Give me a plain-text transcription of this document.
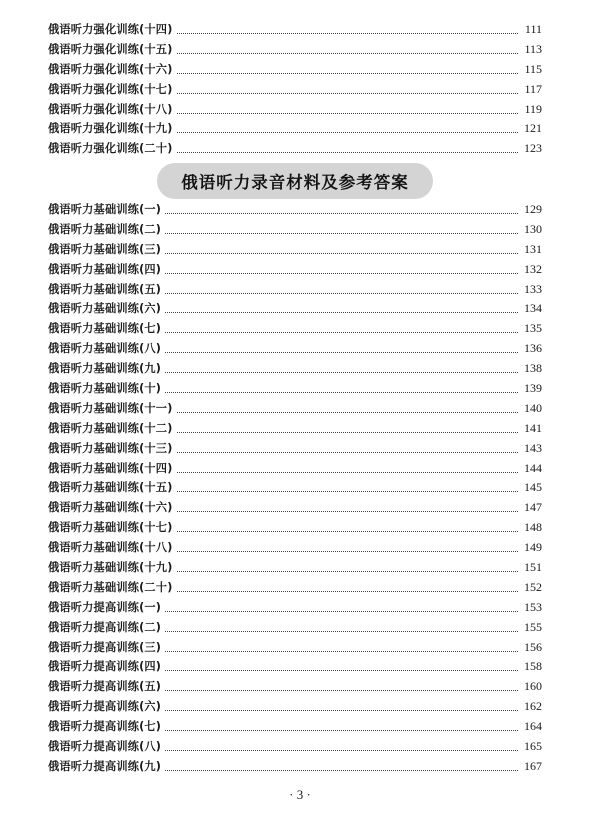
俄语听力强化训练(十四)	111
俄语听力强化训练(十五)	113
俄语听力强化训练(十六)	115
俄语听力强化训练(十七)	117
俄语听力强化训练(十八)	119
俄语听力强化训练(十九)	121
俄语听力强化训练(二十)	123
俄语听力录音材料及参考答案
俄语听力基础训练(一)	129
俄语听力基础训练(二)	130
俄语听力基础训练(三)	131
俄语听力基础训练(四)	132
俄语听力基础训练(五)	133
俄语听力基础训练(六)	134
俄语听力基础训练(七)	135
俄语听力基础训练(八)	136
俄语听力基础训练(九)	138
俄语听力基础训练(十)	139
俄语听力基础训练(十一)	140
俄语听力基础训练(十二)	141
俄语听力基础训练(十三)	143
俄语听力基础训练(十四)	144
俄语听力基础训练(十五)	145
俄语听力基础训练(十六)	147
俄语听力基础训练(十七)	148
俄语听力基础训练(十八)	149
俄语听力基础训练(十九)	151
俄语听力基础训练(二十)	152
俄语听力提高训练(一)	153
俄语听力提高训练(二)	155
俄语听力提高训练(三)	156
俄语听力提高训练(四)	158
俄语听力提高训练(五)	160
俄语听力提高训练(六)	162
俄语听力提高训练(七)	164
俄语听力提高训练(八)	165
俄语听力提高训练(九)	167
· 3 ·
